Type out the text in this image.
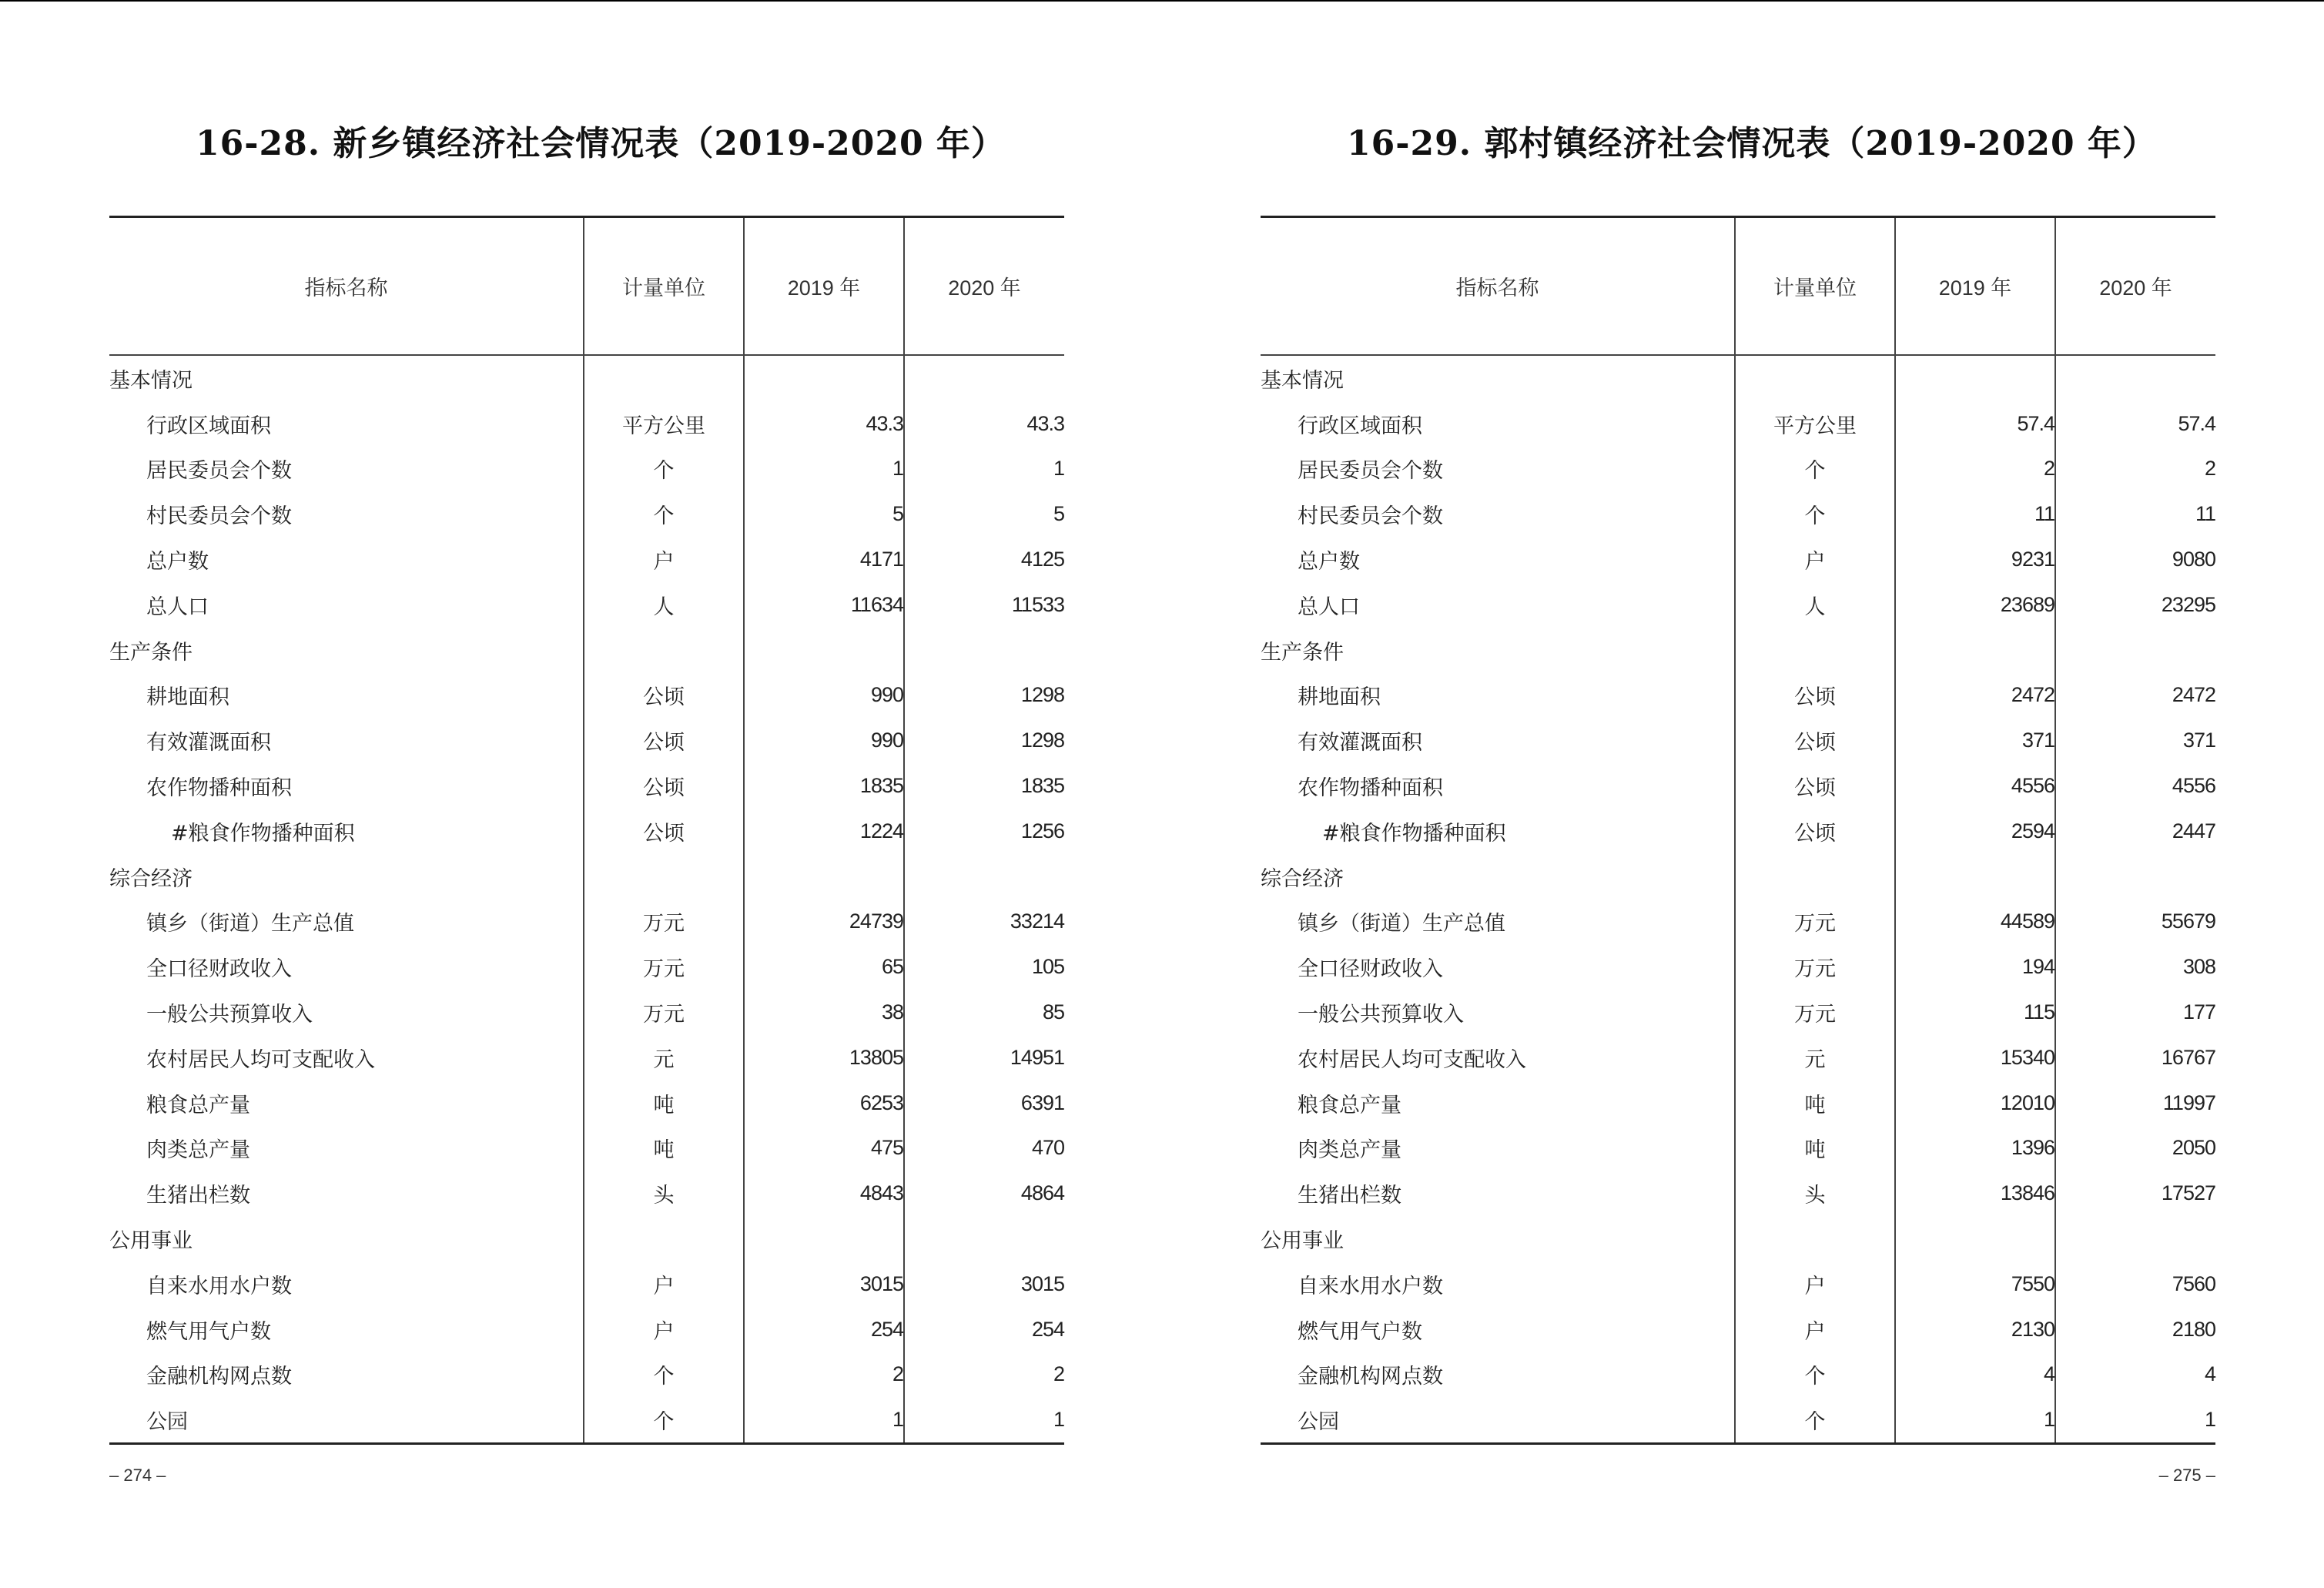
16-28. 新乡镇经济社会情况表（2019-2020 年）
指标名称	计量单位	2019 年	2020 年
基本情况			
行政区域面积	平方公里	43.3	43.3
居民委员会个数	个	1	1
村民委员会个数	个	5	5
总户数	户	4171	4125
总人口	人	11634	11533
生产条件			
耕地面积	公顷	990	1298
有效灌溉面积	公顷	990	1298
农作物播种面积	公顷	1835	1835
#粮食作物播种面积	公顷	1224	1256
综合经济			
镇乡（街道）生产总值	万元	24739	33214
全口径财政收入	万元	65	105
一般公共预算收入	万元	38	85
农村居民人均可支配收入	元	13805	14951
粮食总产量	吨	6253	6391
肉类总产量	吨	475	470
生猪出栏数	头	4843	4864
公用事业			
自来水用水户数	户	3015	3015
燃气用气户数	户	254	254
金融机构网点数	个	2	2
公园	个	1	1
– 274 –
16-29. 郭村镇经济社会情况表（2019-2020 年）
指标名称	计量单位	2019 年	2020 年
基本情况			
行政区域面积	平方公里	57.4	57.4
居民委员会个数	个	2	2
村民委员会个数	个	11	11
总户数	户	9231	9080
总人口	人	23689	23295
生产条件			
耕地面积	公顷	2472	2472
有效灌溉面积	公顷	371	371
农作物播种面积	公顷	4556	4556
#粮食作物播种面积	公顷	2594	2447
综合经济			
镇乡（街道）生产总值	万元	44589	55679
全口径财政收入	万元	194	308
一般公共预算收入	万元	115	177
农村居民人均可支配收入	元	15340	16767
粮食总产量	吨	12010	11997
肉类总产量	吨	1396	2050
生猪出栏数	头	13846	17527
公用事业			
自来水用水户数	户	7550	7560
燃气用气户数	户	2130	2180
金融机构网点数	个	4	4
公园	个	1	1
– 275 –
